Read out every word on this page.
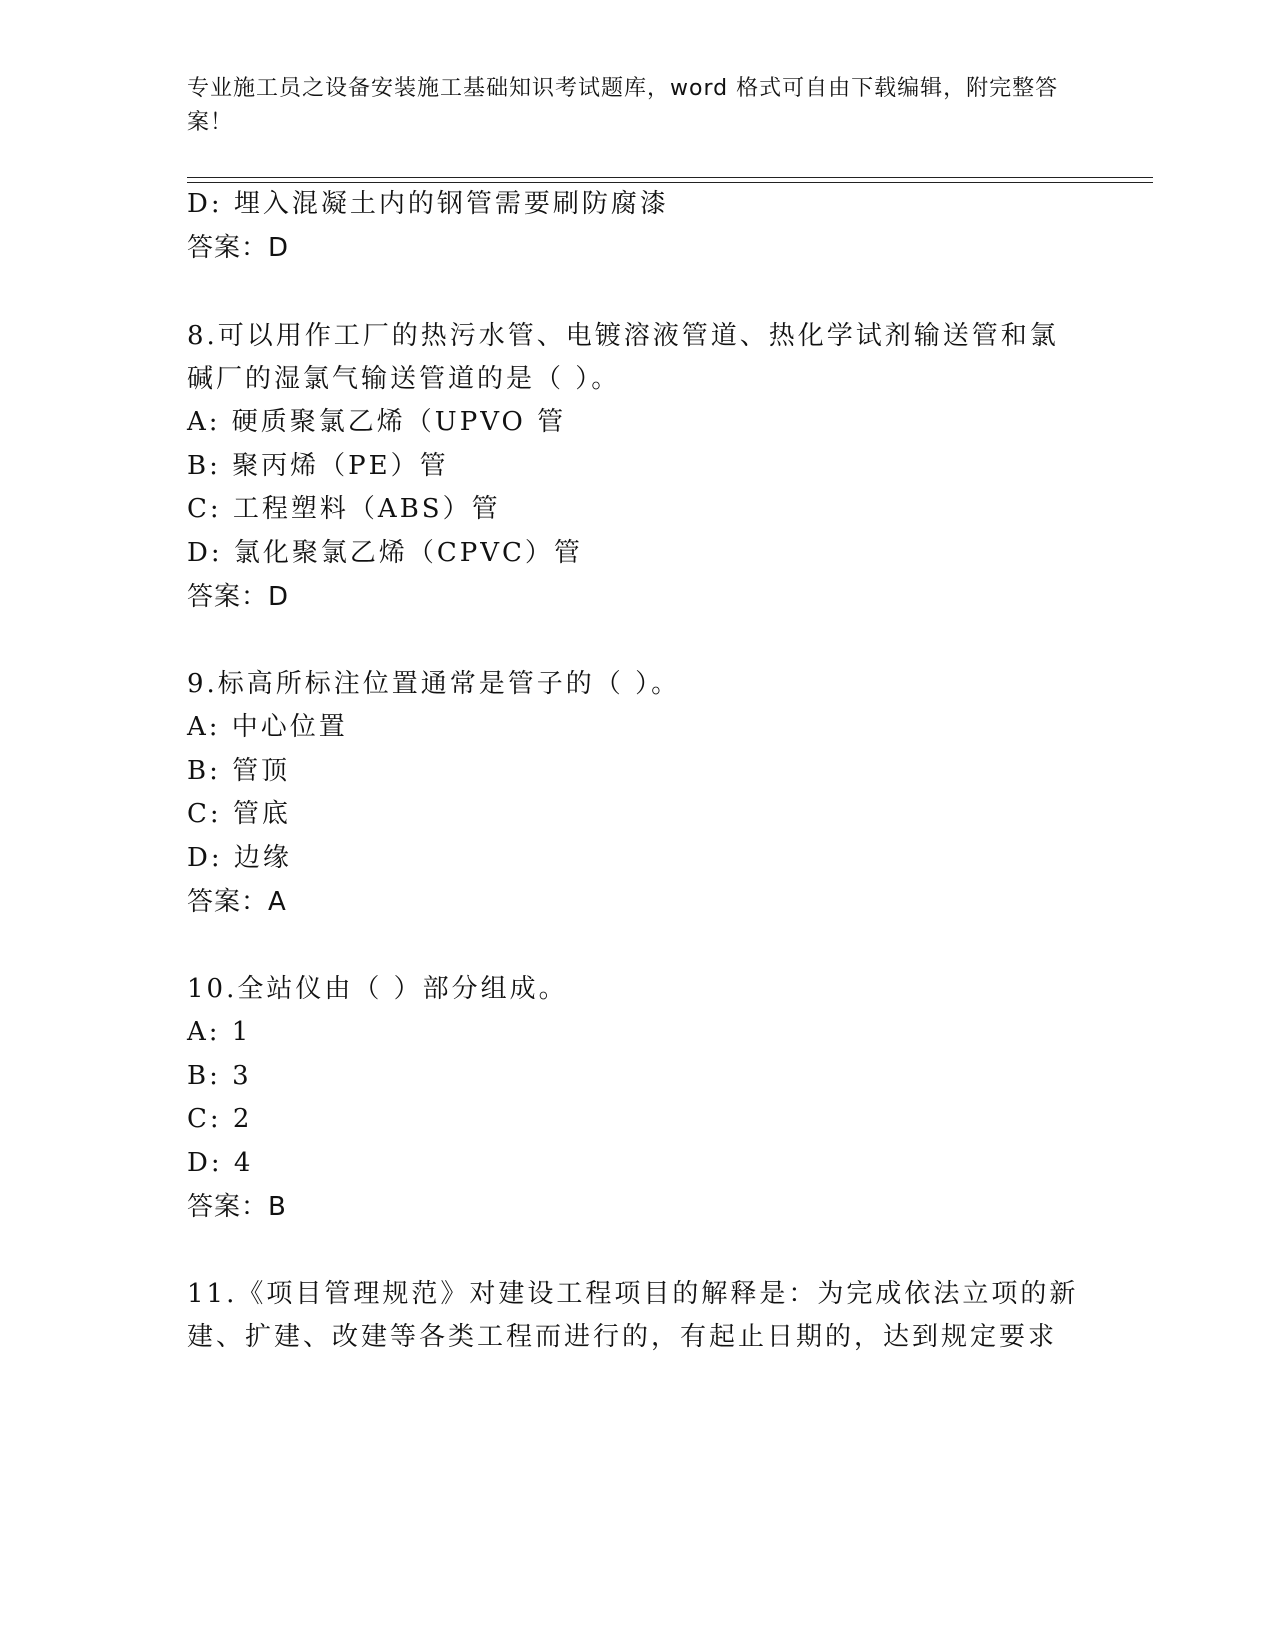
专业施工员之设备安装施工基础知识考试题库，word 格式可自由下载编辑，附完整答案！
D: 埋入混凝土内的钢管需要刷防腐漆
答案：D
8.可以用作工厂的热污水管、电镀溶液管道、热化学试剂输送管和氯
碱厂的湿氯气输送管道的是（ ）。
A: 硬质聚氯乙烯（UPVO 管
B: 聚丙烯（PE）管
C: 工程塑料（ABS）管
D: 氯化聚氯乙烯（CPVC）管
答案：D
9.标高所标注位置通常是管子的（ ）。
A: 中心位置
B: 管顶
C: 管底
D: 边缘
答案：A
10.全站仪由（ ）部分组成。
A: 1
B: 3
C: 2
D: 4
答案：B
11.《项目管理规范》对建设工程项目的解释是：为完成依法立项的新
建、扩建、改建等各类工程而进行的，有起止日期的，达到规定要求
